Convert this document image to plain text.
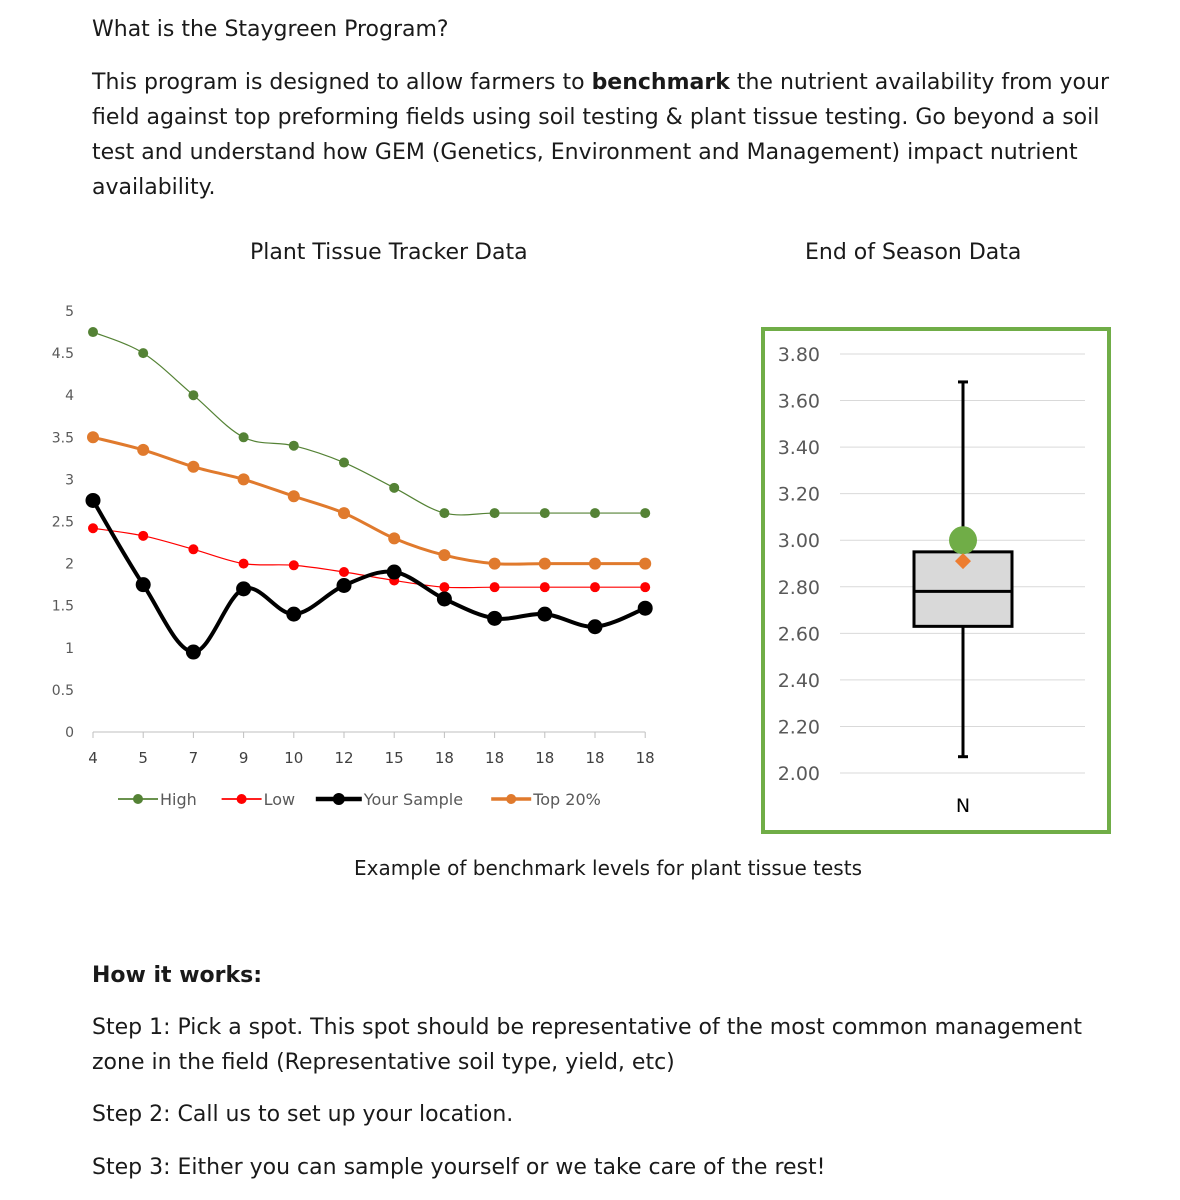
What is the Staygreen Program?
This program is designed to allow farmers to benchmark the nutrient availability from your field against top preforming fields using soil testing & plant tissue testing. Go beyond a soil test and understand how GEM (Genetics, Environment and Management) impact nutrient availability.
Plant Tissue Tracker Data	End of Season Data
0
0.5
1
1.5
2
2.5
3
3.5
4
4.5
5
4	5	7	9 10 12 15 18 18 18 18 18
High	Low	Your Sample	Top 20%
2.00
2.20
2.40
2.60
2.80
3.00
3.20
3.40
3.60
3.80
N
Example of benchmark levels for plant tissue tests
How it works:
Step 1: Pick a spot. This spot should be representative of the most common management zone in the field (Representative soil type, yield, etc)
Step 2: Call us to set up your location.
Step 3: Either you can sample yourself or we take care of the rest!
